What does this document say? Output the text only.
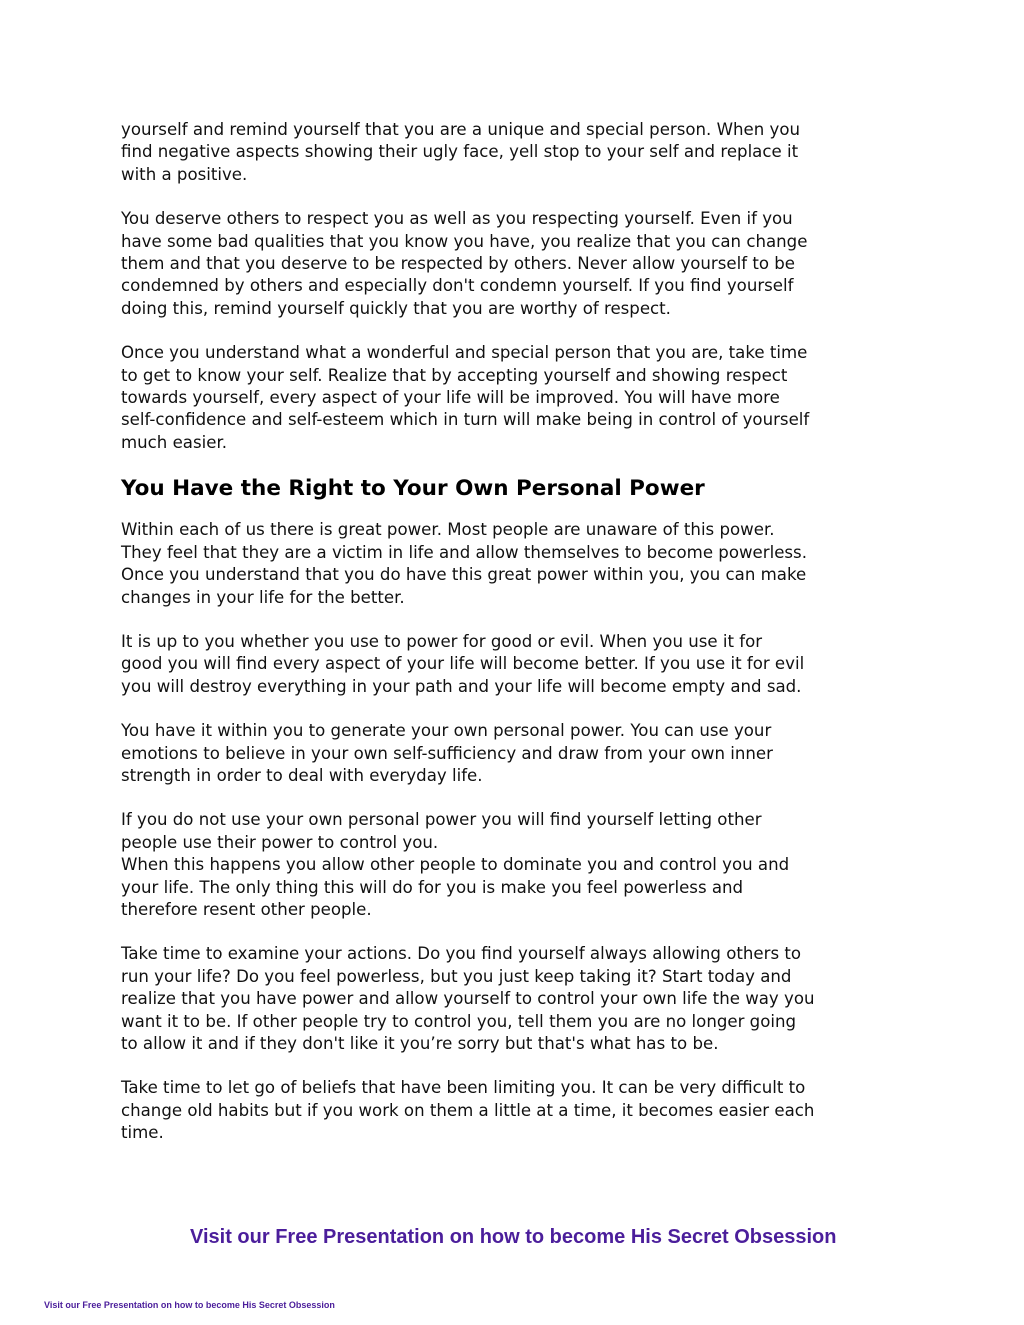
yourself and remind yourself that you are a unique and special person. When you
find negative aspects showing their ugly face, yell stop to your self and replace it
with a positive.

You deserve others to respect you as well as you respecting yourself. Even if you
have some bad qualities that you know you have, you realize that you can change
them and that you deserve to be respected by others. Never allow yourself to be
condemned by others and especially don't condemn yourself. If you find yourself
doing this, remind yourself quickly that you are worthy of respect.

Once you understand what a wonderful and special person that you are, take time
to get to know your self. Realize that by accepting yourself and showing respect
towards yourself, every aspect of your life will be improved. You will have more
self-confidence and self-esteem which in turn will make being in control of yourself
much easier.

You Have the Right to Your Own Personal Power

Within each of us there is great power. Most people are unaware of this power.
They feel that they are a victim in life and allow themselves to become powerless.
Once you understand that you do have this great power within you, you can make
changes in your life for the better.

It is up to you whether you use to power for good or evil. When you use it for
good you will find every aspect of your life will become better. If you use it for evil
you will destroy everything in your path and your life will become empty and sad.

You have it within you to generate your own personal power. You can use your
emotions to believe in your own self-sufficiency and draw from your own inner
strength in order to deal with everyday life.

If you do not use your own personal power you will find yourself letting other
people use their power to control you.
When this happens you allow other people to dominate you and control you and
your life. The only thing this will do for you is make you feel powerless and
therefore resent other people.

Take time to examine your actions. Do you find yourself always allowing others to
run your life? Do you feel powerless, but you just keep taking it? Start today and
realize that you have power and allow yourself to control your own life the way you
want it to be. If other people try to control you, tell them you are no longer going
to allow it and if they don't like it you’re sorry but that's what has to be.

Take time to let go of beliefs that have been limiting you. It can be very difficult to
change old habits but if you work on them a little at a time, it becomes easier each
time.

Visit our Free Presentation on how to become His Secret Obsession
Visit our Free Presentation on how to become His Secret Obsession
